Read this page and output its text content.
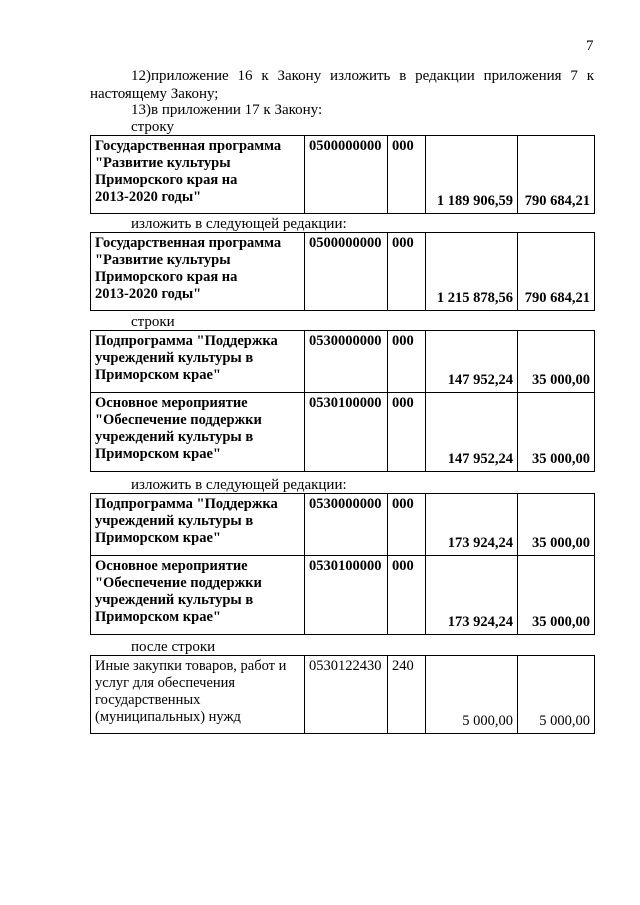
7
12)приложение 16 к Закону изложить в редакции приложения 7 к
настоящему Закону;
13)в приложении 17 к Закону:
строку
Государственная программа
"Развитие культуры
Приморского края на
2013-2020 годы"
	0500000000	000	1 189 906,59	790 684,21
изложить в следующей редакции:
Государственная программа
"Развитие культуры
Приморского края на
2013-2020 годы"
	0500000000	000	1 215 878,56	790 684,21
строки
Подпрограмма "Поддержка
учреждений культуры в
Приморском крае"	0530000000	000	147 952,24	35 000,00

Основное мероприятие
"Обеспечение поддержки
учреждений культуры в
Приморском крае"	0530100000	000	147 952,24	35 000,00
изложить в следующей редакции:
Подпрограмма "Поддержка
учреждений культуры в
Приморском крае"	0530000000	000	173 924,24	35 000,00

Основное мероприятие
"Обеспечение поддержки
учреждений культуры в
Приморском крае"	0530100000	000	173 924,24	35 000,00
после строки
Иные закупки товаров, работ и
услуг для обеспечения
государственных
(муниципальных) нужд
	0530122430	240	5 000,00	5 000,00
